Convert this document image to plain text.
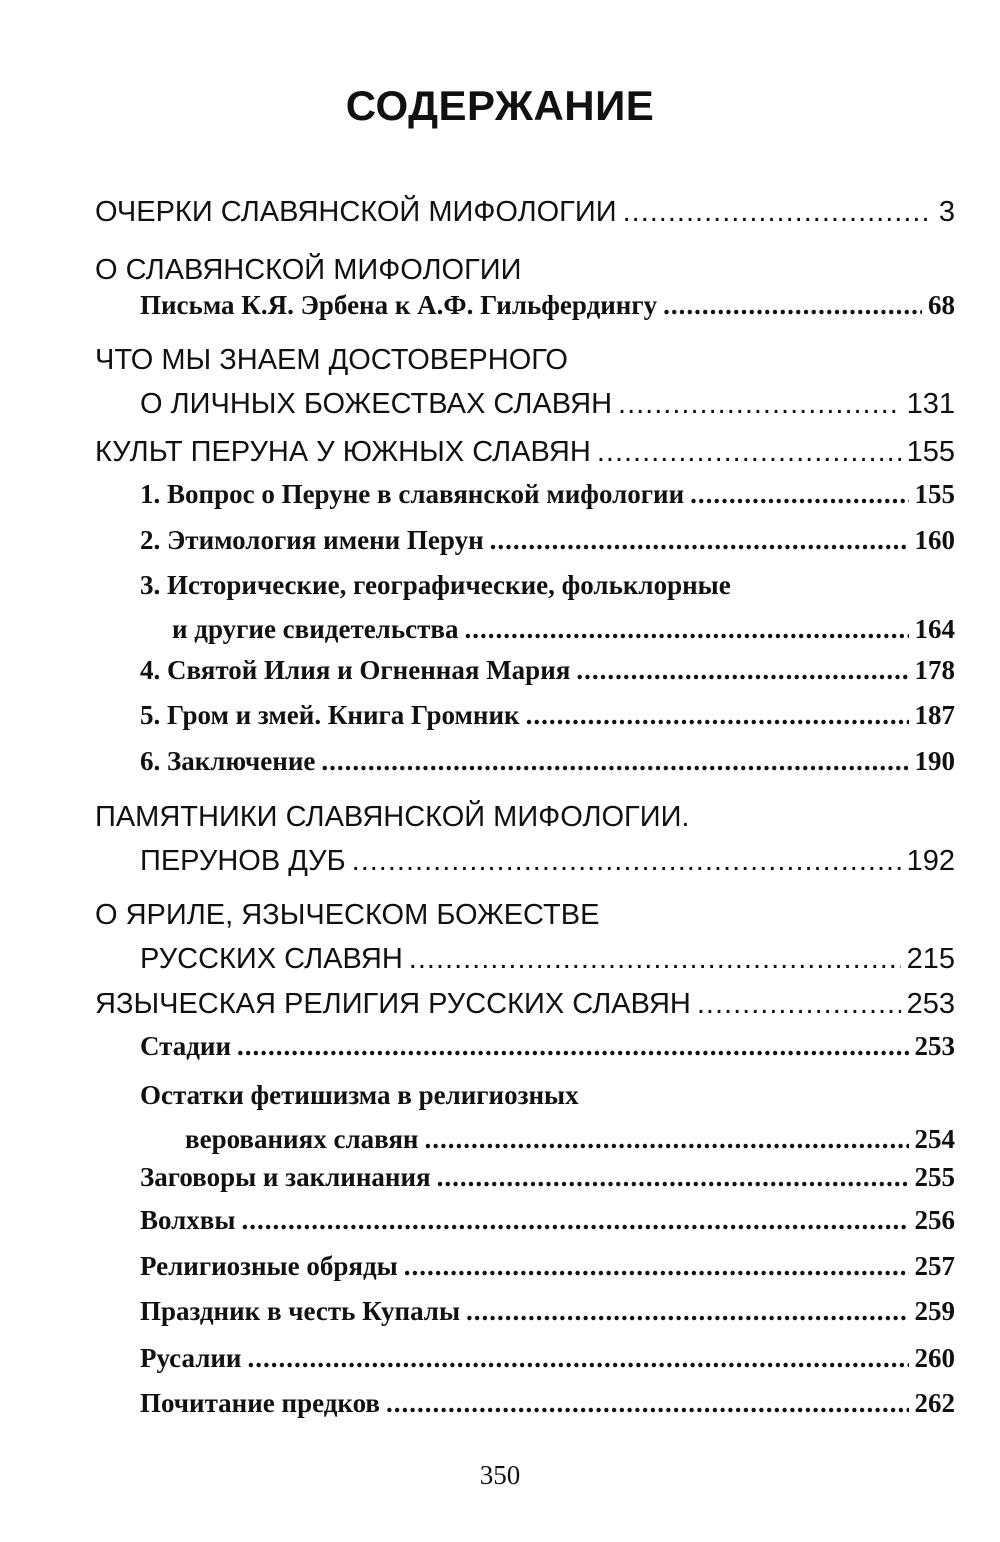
СОДЕРЖАНИЕ
ОЧЕРКИ СЛАВЯНСКОЙ МИФОЛОГИИ .....	3
О СЛАВЯНСКОЙ МИФОЛОГИИ
Письма К.Я. Эрбена к А.Ф. Гильфердингу .....	68
ЧТО МЫ ЗНАЕМ ДОСТОВЕРНОГО
О ЛИЧНЫХ БОЖЕСТВАХ СЛАВЯН .....	131
КУЛЬТ ПЕРУНА У ЮЖНЫХ СЛАВЯН .....	155
1. Вопрос о Перуне в славянской мифологии .....	155
2. Этимология имени Перун .....	160
3. Исторические, географические, фольклорные
и другие свидетельства .....	164
4. Святой Илия и Огненная Мария .....	178
5. Гром и змей. Книга Громник .....	187
6. Заключение .....	190
ПАМЯТНИКИ СЛАВЯНСКОЙ МИФОЛОГИИ.
ПЕРУНОВ ДУБ .....	192
О ЯРИЛЕ, ЯЗЫЧЕСКОМ БОЖЕСТВЕ
РУССКИХ СЛАВЯН .....	215
ЯЗЫЧЕСКАЯ РЕЛИГИЯ РУССКИХ СЛАВЯН .....	253
Стадии .....	253
Остатки фетишизма в религиозных
верованиях славян .....	254
Заговоры и заклинания .....	255
Волхвы .....	256
Религиозные обряды .....	257
Праздник в честь Купалы .....	259
Русалии .....	260
Почитание предков .....	262
350
